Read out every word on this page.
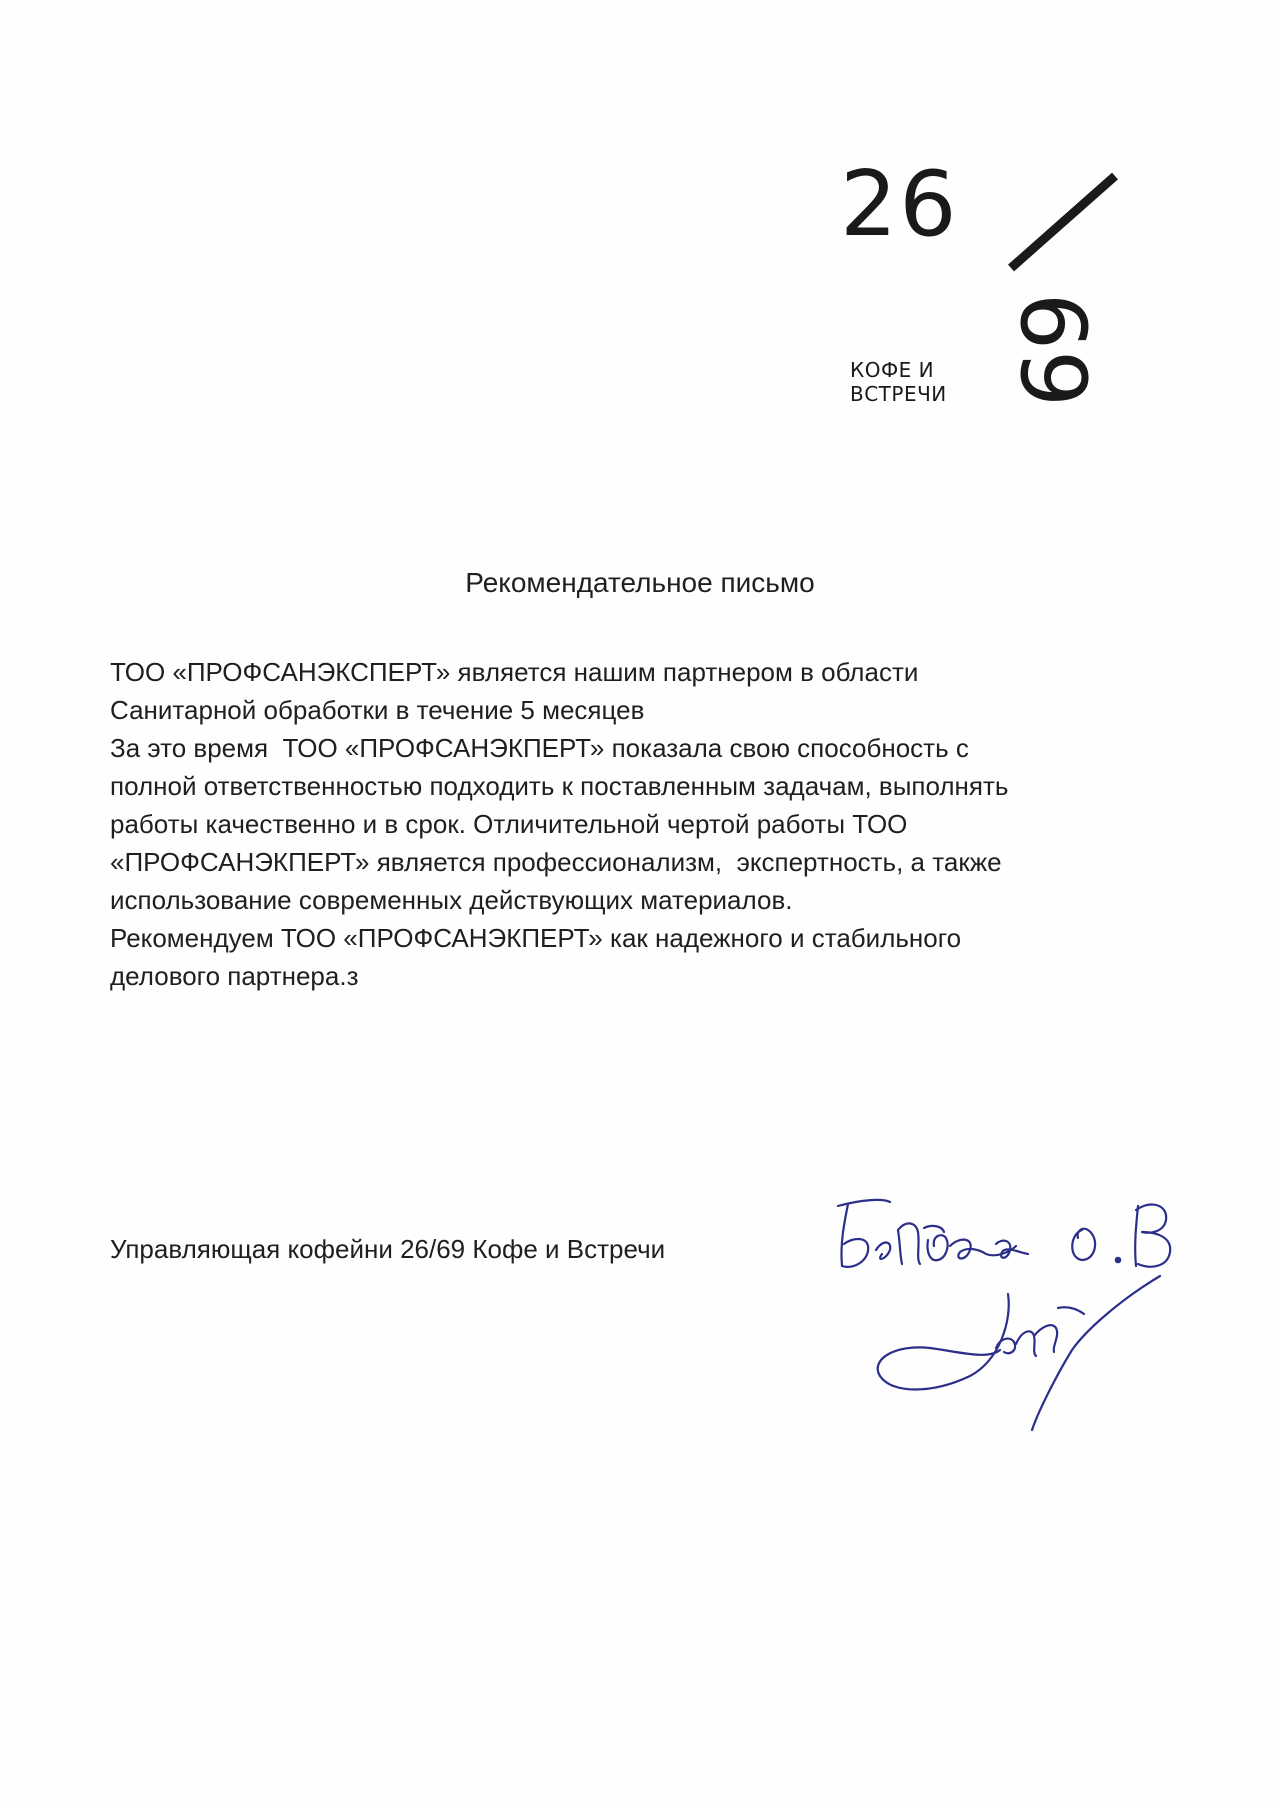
26
69
КОФЕ И
ВСТРЕЧИ
Рекомендательное письмо

ТОО «ПРОФСАНЭКСПЕРТ» является нашим партнером в области

Санитарной обработки в течение 5 месяцев

За это время  ТОО «ПРОФСАНЭКПЕРТ» показала свою способность с

полной ответственностью подходить к поставленным задачам, выполнять

работы качественно и в срок. Отличительной чертой работы ТОО

«ПРОФСАНЭКПЕРТ» является профессионализм,  экспертность, а также

использование современных действующих материалов.

Рекомендуем ТОО «ПРОФСАНЭКПЕРТ» как надежного и стабильного

делового партнера.з

Управляющая кофейни 26/69 Кофе и Встречи
